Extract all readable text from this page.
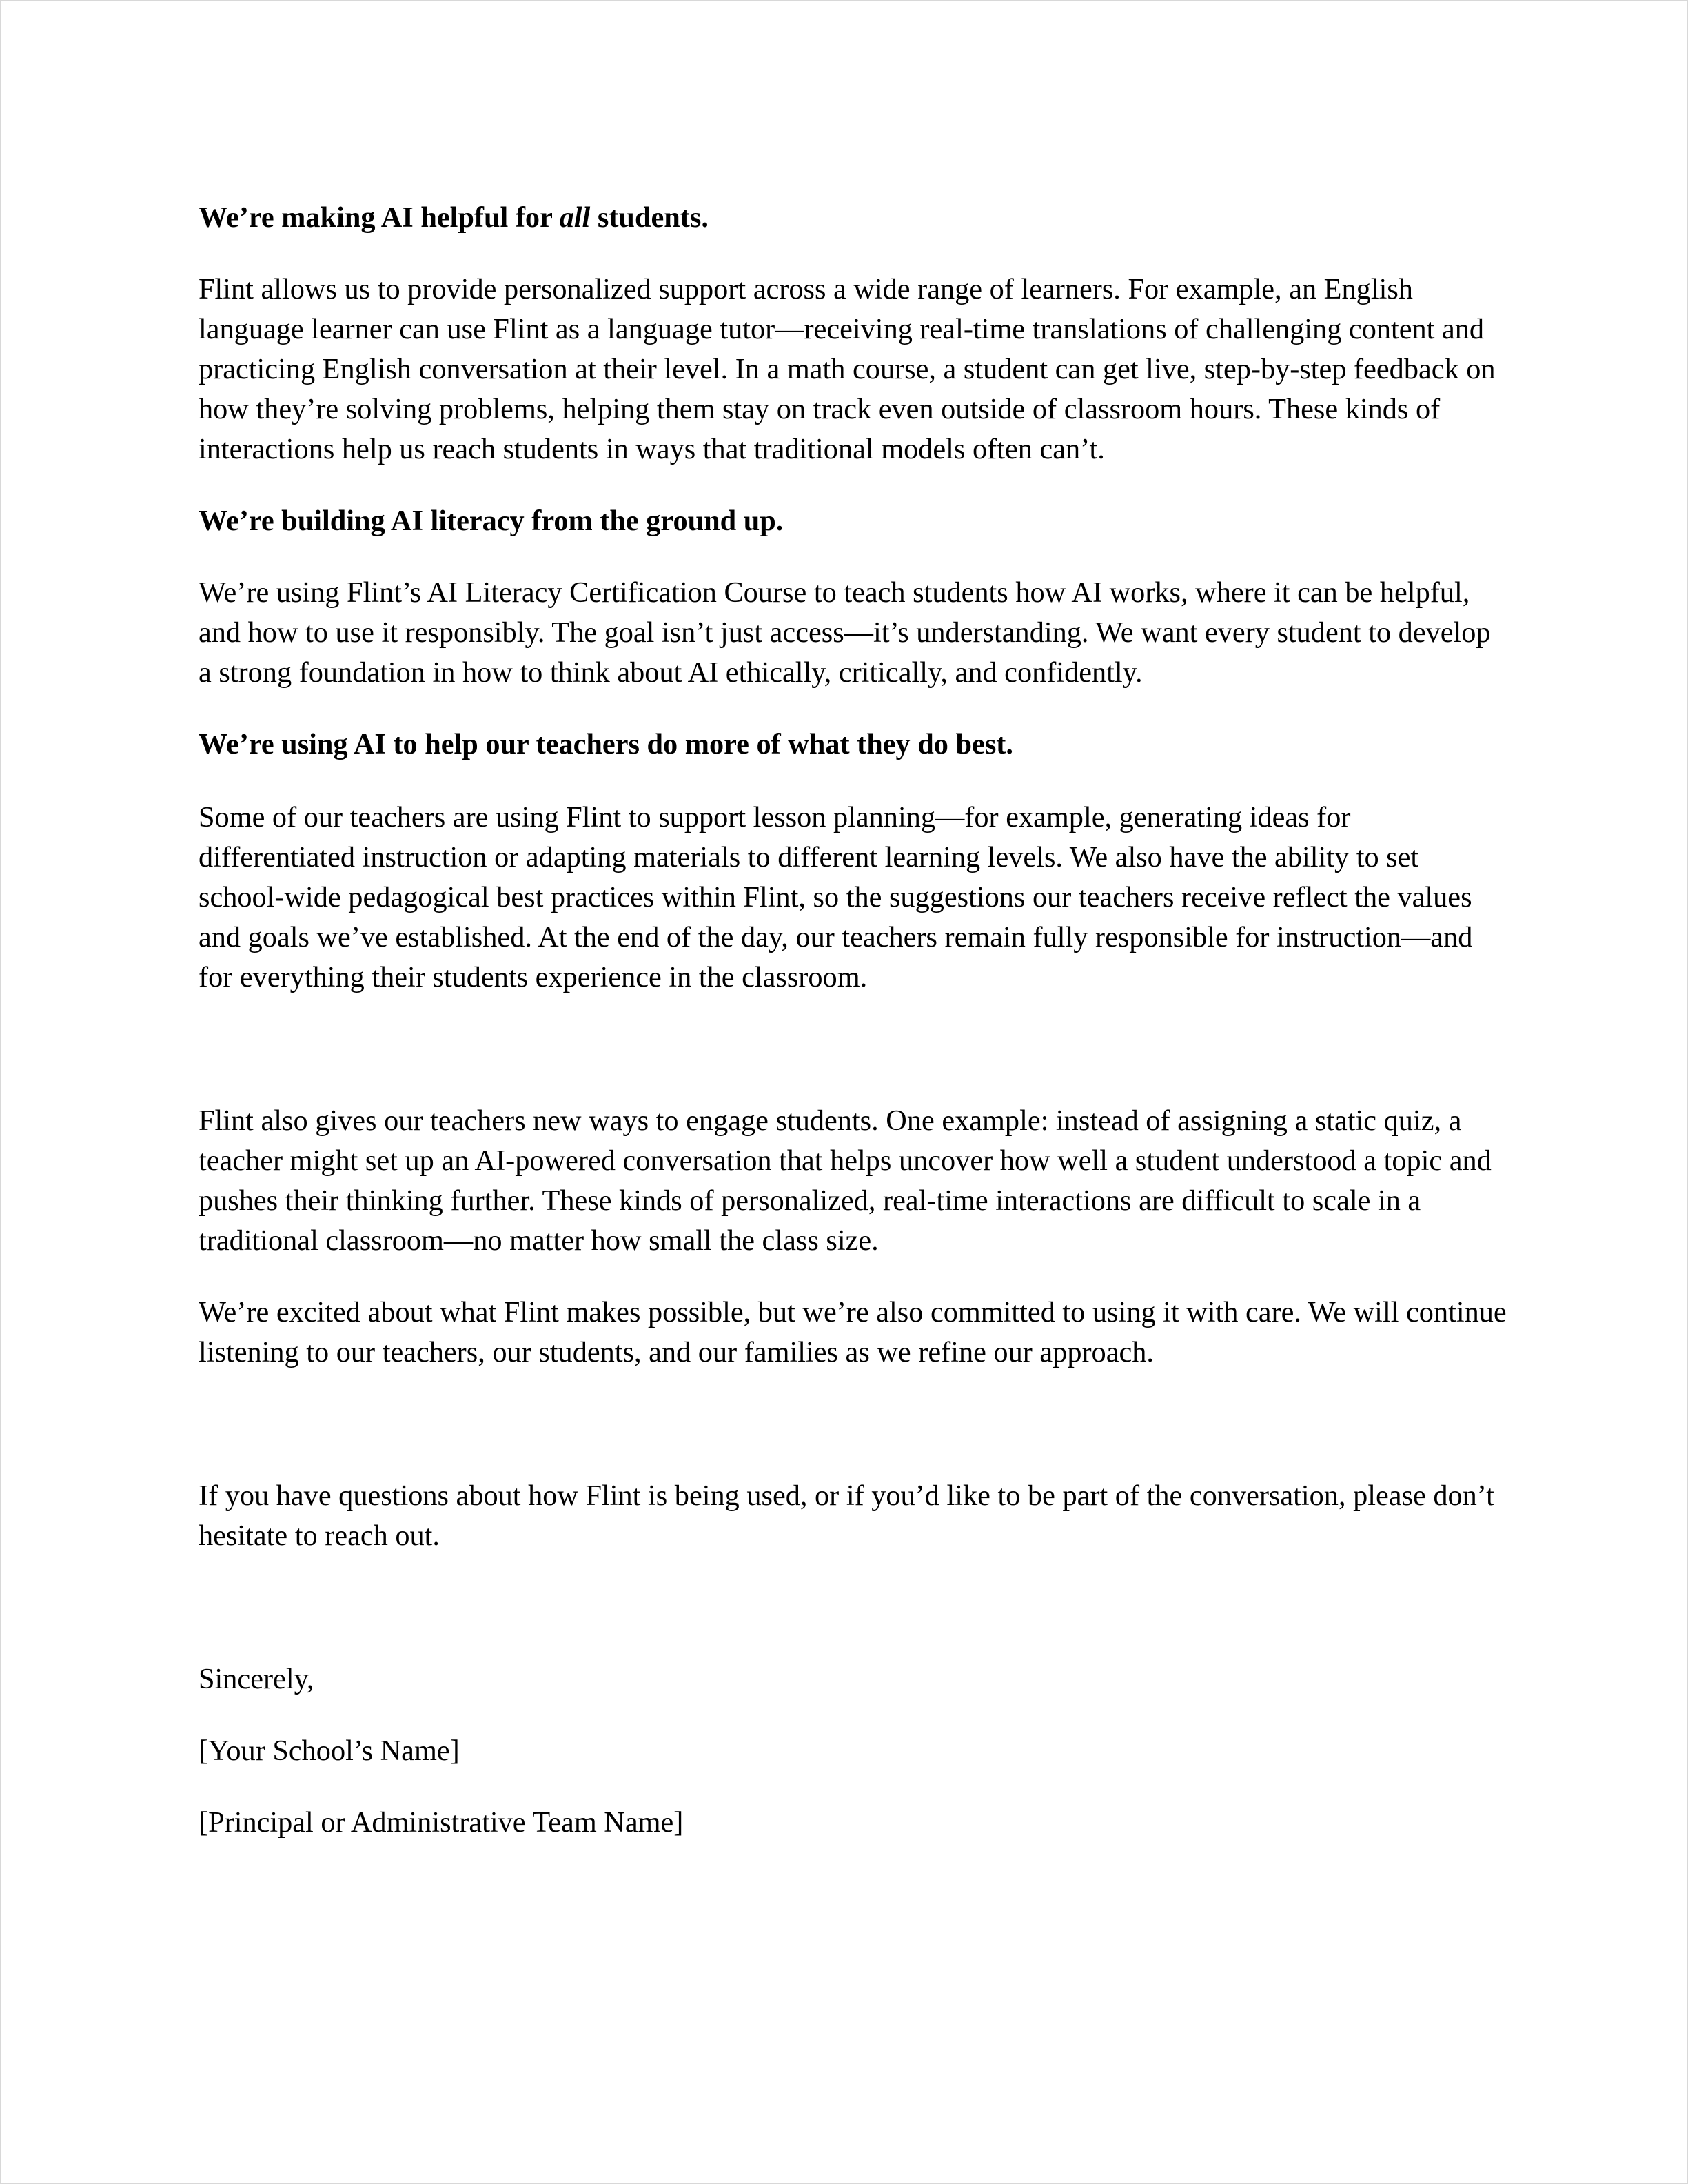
We’re making AI helpful for all students.

Flint allows us to provide personalized support across a wide range of learners. For example, an English language learner can use Flint as a language tutor—receiving real-time translations of challenging content and practicing English conversation at their level. In a math course, a student can get live, step-by-step feedback on how they’re solving problems, helping them stay on track even outside of classroom hours. These kinds of interactions help us reach students in ways that traditional models often can’t.

We’re building AI literacy from the ground up.

We’re using Flint’s AI Literacy Certification Course to teach students how AI works, where it can be helpful, and how to use it responsibly. The goal isn’t just access—it’s understanding. We want every student to develop a strong foundation in how to think about AI ethically, critically, and confidently.

We’re using AI to help our teachers do more of what they do best.

Some of our teachers are using Flint to support lesson planning—for example, generating ideas for differentiated instruction or adapting materials to different learning levels. We also have the ability to set school-wide pedagogical best practices within Flint, so the suggestions our teachers receive reflect the values and goals we’ve established. At the end of the day, our teachers remain fully responsible for instruction—and for everything their students experience in the classroom.

Flint also gives our teachers new ways to engage students. One example: instead of assigning a static quiz, a teacher might set up an AI-powered conversation that helps uncover how well a student understood a topic and pushes their thinking further. These kinds of personalized, real-time interactions are difficult to scale in a traditional classroom—no matter how small the class size.

We’re excited about what Flint makes possible, but we’re also committed to using it with care. We will continue listening to our teachers, our students, and our families as we refine our approach.

If you have questions about how Flint is being used, or if you’d like to be part of the conversation, please don’t hesitate to reach out.

Sincerely,

[Your School’s Name]

[Principal or Administrative Team Name]
